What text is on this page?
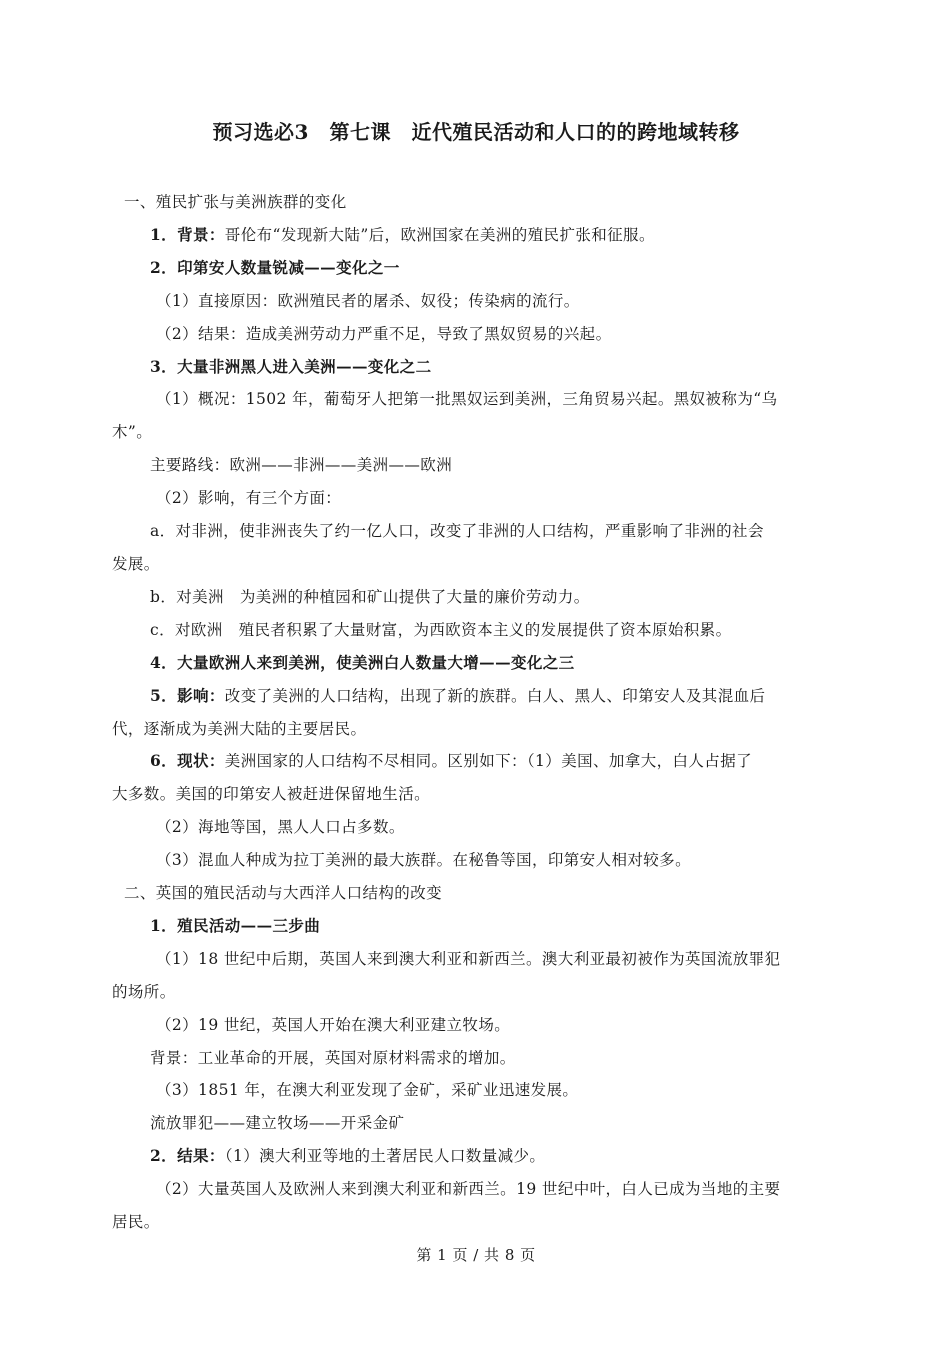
预习选必3　第七课　近代殖民活动和人口的的跨地域转移
一、殖民扩张与美洲族群的变化
1．背景：哥伦布“发现新大陆”后，欧洲国家在美洲的殖民扩张和征服。
2．印第安人数量锐减——变化之一
（1）直接原因：欧洲殖民者的屠杀、奴役；传染病的流行。
（2）结果：造成美洲劳动力严重不足，导致了黑奴贸易的兴起。
3．大量非洲黑人进入美洲——变化之二
（1）概况：1502 年，葡萄牙人把第一批黑奴运到美洲，三角贸易兴起。黑奴被称为“乌
木”。
主要路线：欧洲——非洲——美洲——欧洲
（2）影响，有三个方面：
a．对非洲，使非洲丧失了约一亿人口，改变了非洲的人口结构，严重影响了非洲的社会
发展。
b．对美洲　为美洲的种植园和矿山提供了大量的廉价劳动力。
c．对欧洲　殖民者积累了大量财富，为西欧资本主义的发展提供了资本原始积累。
4．大量欧洲人来到美洲，使美洲白人数量大增——变化之三
5．影响：改变了美洲的人口结构，出现了新的族群。白人、黑人、印第安人及其混血后
代，逐渐成为美洲大陆的主要居民。
6．现状：美洲国家的人口结构不尽相同。区别如下：（1）美国、加拿大，白人占据了
大多数。美国的印第安人被赶进保留地生活。
（2）海地等国，黑人人口占多数。
（3）混血人种成为拉丁美洲的最大族群。在秘鲁等国，印第安人相对较多。
二、英国的殖民活动与大西洋人口结构的改变
1．殖民活动——三步曲
（1）18 世纪中后期，英国人来到澳大利亚和新西兰。澳大利亚最初被作为英国流放罪犯
的场所。
（2）19 世纪，英国人开始在澳大利亚建立牧场。
背景：工业革命的开展，英国对原材料需求的增加。
（3）1851 年，在澳大利亚发现了金矿，采矿业迅速发展。
流放罪犯——建立牧场——开采金矿
2．结果：（1）澳大利亚等地的土著居民人口数量减少。
（2）大量英国人及欧洲人来到澳大利亚和新西兰。19 世纪中叶，白人已成为当地的主要
居民。
第 1 页 / 共 8 页
